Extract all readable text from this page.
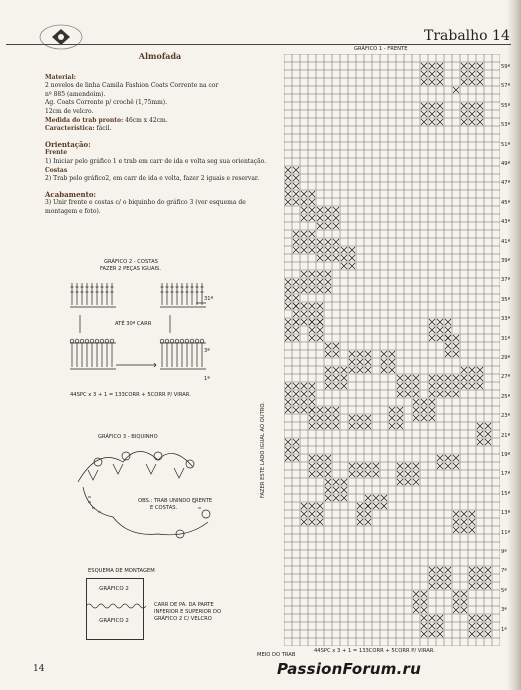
Trabalho 14
Almofada
Material:
2 novelos de linha Camila Fashion Coats Corrente na cor
nº 885 (amendoim).
Ag. Coats Corrente p/ crochê (1,75mm).
12cm de velcro.
Medida do trab pronto: 46cm x 42cm.
Característica: fácil.
Orientação:
Frente
1) Iniciar pelo gráfico 1 e trab em carr de ida e volta seg sua orientação.
Costas
2) Trab pelo gráfico2, em carr de ida e volta, fazer 2 iguais e reservar.
Acabamento:
3) Unir frente e costas c/ o biquinho do gráfico 3 (ver esquema de montagem e foto).
GRÁFICO 2 - COSTAS
FAZER 2 PEÇAS IGUAIS.
ATÉ 30ª CARR
31ª
3ª
1ª
44SPC x 3 + 1 = 133CORR + 5CORR P/ VIRAR.
GRÁFICO 3 - BIQUINHO
OBS.: TRAB UNINDO FRENTE
E COSTAS.
ESQUEMA DE MONTAGEM
GRÁFICO 2
GRÁFICO 2
CARR DE PA. DA PARTE
INFERIOR E SUPERIOR DO
GRÁFICO 2 C/ VELCRO
GRÁFICO 1 - FRENTE
FAZER ESTE LADO IGUAL AO OUTRO.
59ª
57ª
55ª
53ª
51ª
49ª
47ª
45ª
43ª
41ª
39ª
37ª
35ª
33ª
31ª
29ª
27ª
25ª
23ª
21ª
19ª
17ª
15ª
13ª
11ª
9ª
7ª
5ª
3ª
1ª
MEIO DO TRAB
44SPC x 3 + 1 = 133CORR + 5CORR P/ VIRAR.
14	PassionForum.ru
